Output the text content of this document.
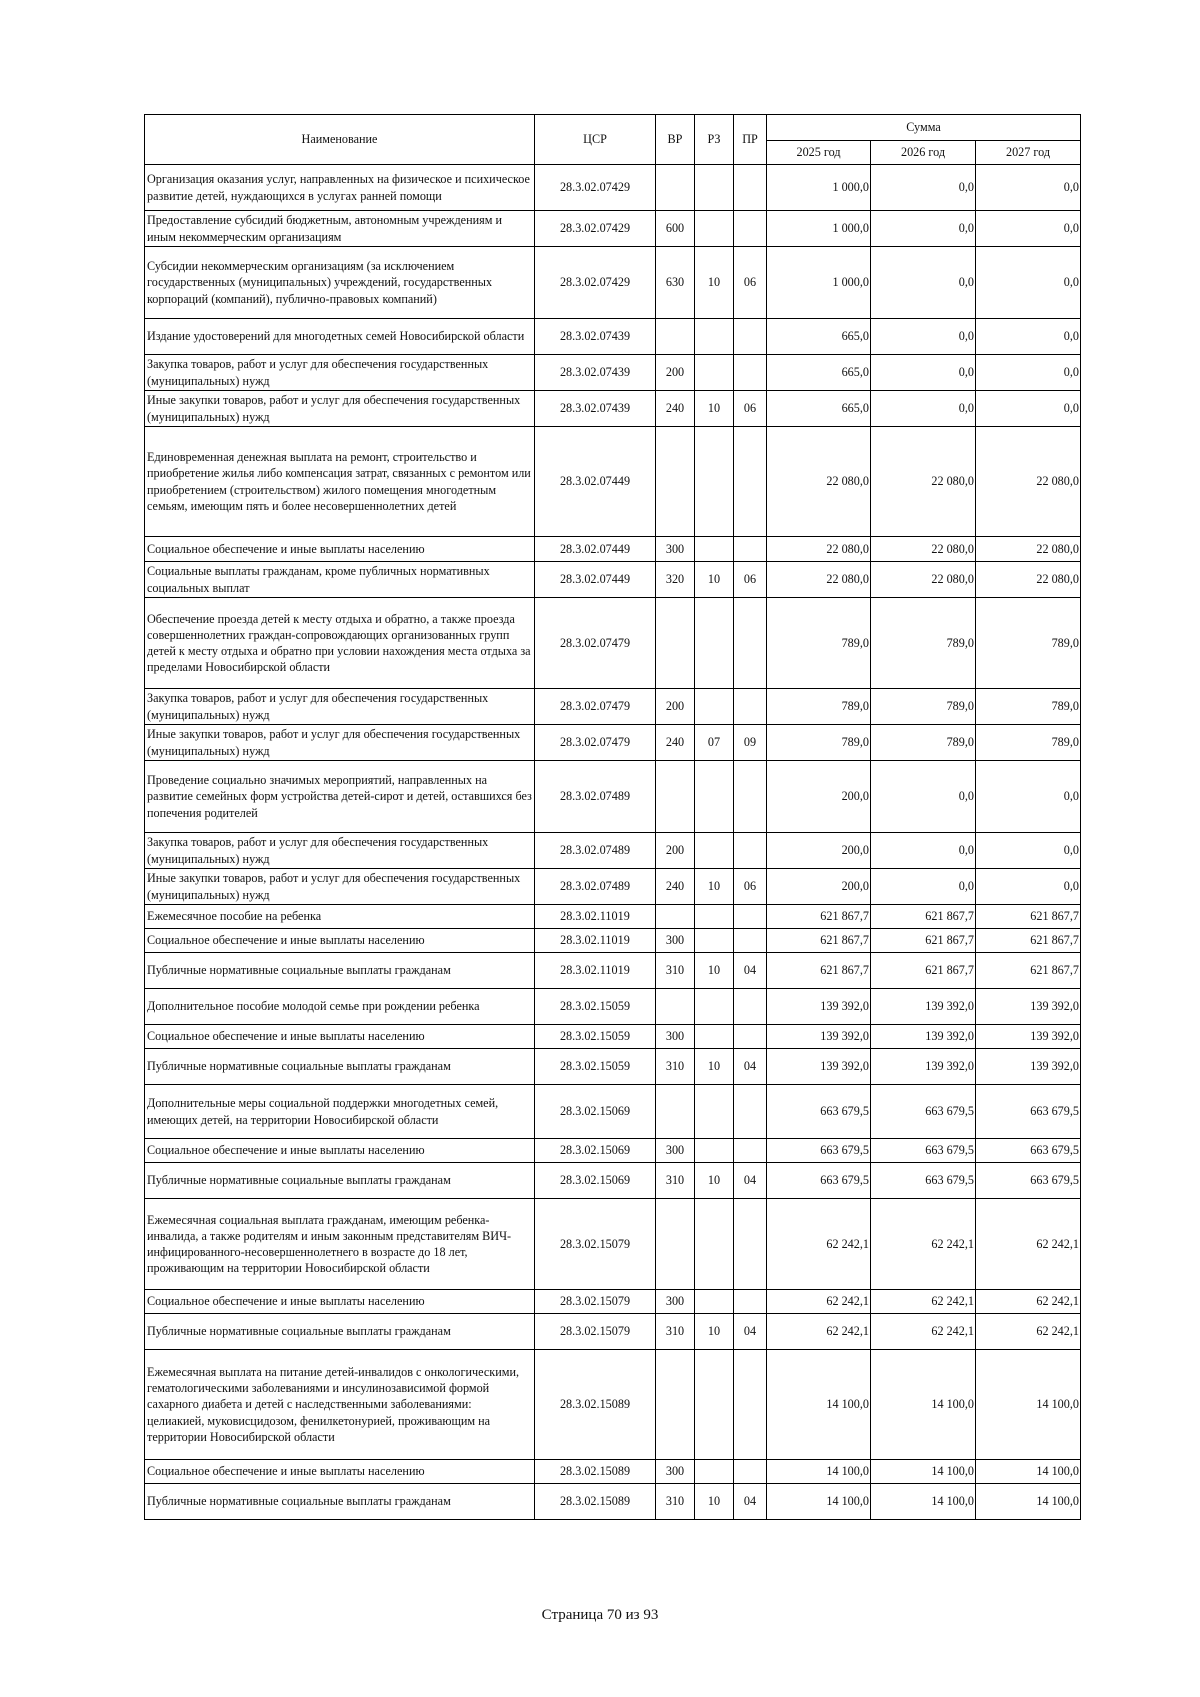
Наименование	ЦСР	ВР	РЗ	ПР	Сумма		
					2025 год	2026 год	2027 год
Организация оказания услуг, направленных на физическое и психическое развитие детей, нуждающихся в услугах ранней помощи	28.3.02.07429				1 000,0	0,0	0,0
Предоставление субсидий бюджетным, автономным учреждениям и иным некоммерческим организациям	28.3.02.07429	600			1 000,0	0,0	0,0
Субсидии некоммерческим организациям (за исключением государственных (муниципальных) учреждений, государственных корпораций (компаний), публично-правовых компаний)	28.3.02.07429	630	10	06	1 000,0	0,0	0,0
Издание удостоверений для многодетных семей Новосибирской области	28.3.02.07439				665,0	0,0	0,0
Закупка товаров, работ и услуг для обеспечения государственных (муниципальных) нужд	28.3.02.07439	200			665,0	0,0	0,0
Иные закупки товаров, работ и услуг для обеспечения государственных (муниципальных) нужд	28.3.02.07439	240	10	06	665,0	0,0	0,0
Единовременная денежная выплата на ремонт, строительство и приобретение жилья либо компенсация затрат, связанных с ремонтом или приобретением (строительством) жилого помещения многодетным семьям, имеющим пять и более несовершеннолетних детей	28.3.02.07449				22 080,0	22 080,0	22 080,0
Социальное обеспечение и иные выплаты населению	28.3.02.07449	300			22 080,0	22 080,0	22 080,0
Социальные выплаты гражданам, кроме публичных нормативных социальных выплат	28.3.02.07449	320	10	06	22 080,0	22 080,0	22 080,0
Обеспечение проезда детей к месту отдыха и обратно, а также проезда совершеннолетних граждан-сопровождающих организованных групп детей к месту отдыха и обратно при условии нахождения места отдыха за пределами Новосибирской области	28.3.02.07479				789,0	789,0	789,0
Закупка товаров, работ и услуг для обеспечения государственных (муниципальных) нужд	28.3.02.07479	200			789,0	789,0	789,0
Иные закупки товаров, работ и услуг для обеспечения государственных (муниципальных) нужд	28.3.02.07479	240	07	09	789,0	789,0	789,0
Проведение социально значимых мероприятий, направленных на развитие семейных форм устройства детей-сирот и детей, оставшихся без попечения родителей	28.3.02.07489				200,0	0,0	0,0
Закупка товаров, работ и услуг для обеспечения государственных (муниципальных) нужд	28.3.02.07489	200			200,0	0,0	0,0
Иные закупки товаров, работ и услуг для обеспечения государственных (муниципальных) нужд	28.3.02.07489	240	10	06	200,0	0,0	0,0
Ежемесячное пособие на ребенка	28.3.02.11019				621 867,7	621 867,7	621 867,7
Социальное обеспечение и иные выплаты населению	28.3.02.11019	300			621 867,7	621 867,7	621 867,7
Публичные нормативные социальные выплаты гражданам	28.3.02.11019	310	10	04	621 867,7	621 867,7	621 867,7
Дополнительное пособие молодой семье при рождении ребенка	28.3.02.15059				139 392,0	139 392,0	139 392,0
Социальное обеспечение и иные выплаты населению	28.3.02.15059	300			139 392,0	139 392,0	139 392,0
Публичные нормативные социальные выплаты гражданам	28.3.02.15059	310	10	04	139 392,0	139 392,0	139 392,0
Дополнительные меры социальной поддержки многодетных семей, имеющих детей, на территории Новосибирской области	28.3.02.15069				663 679,5	663 679,5	663 679,5
Социальное обеспечение и иные выплаты населению	28.3.02.15069	300			663 679,5	663 679,5	663 679,5
Публичные нормативные социальные выплаты гражданам	28.3.02.15069	310	10	04	663 679,5	663 679,5	663 679,5
Ежемесячная социальная выплата гражданам, имеющим ребенка-инвалида, а также родителям и иным законным представителям ВИЧ-инфицированного-несовершеннолетнего в возрасте до 18 лет, проживающим на территории Новосибирской области	28.3.02.15079				62 242,1	62 242,1	62 242,1
Социальное обеспечение и иные выплаты населению	28.3.02.15079	300			62 242,1	62 242,1	62 242,1
Публичные нормативные социальные выплаты гражданам	28.3.02.15079	310	10	04	62 242,1	62 242,1	62 242,1
Ежемесячная выплата на питание детей-инвалидов с онкологическими, гематологическими заболеваниями и инсулинозависимой формой сахарного диабета и детей с наследственными заболеваниями: целиакией, муковисцидозом, фенилкетонурией, проживающим на территории Новосибирской области	28.3.02.15089				14 100,0	14 100,0	14 100,0
Социальное обеспечение и иные выплаты населению	28.3.02.15089	300			14 100,0	14 100,0	14 100,0
Публичные нормативные социальные выплаты гражданам	28.3.02.15089	310	10	04	14 100,0	14 100,0	14 100,0
Страница 70 из 93
